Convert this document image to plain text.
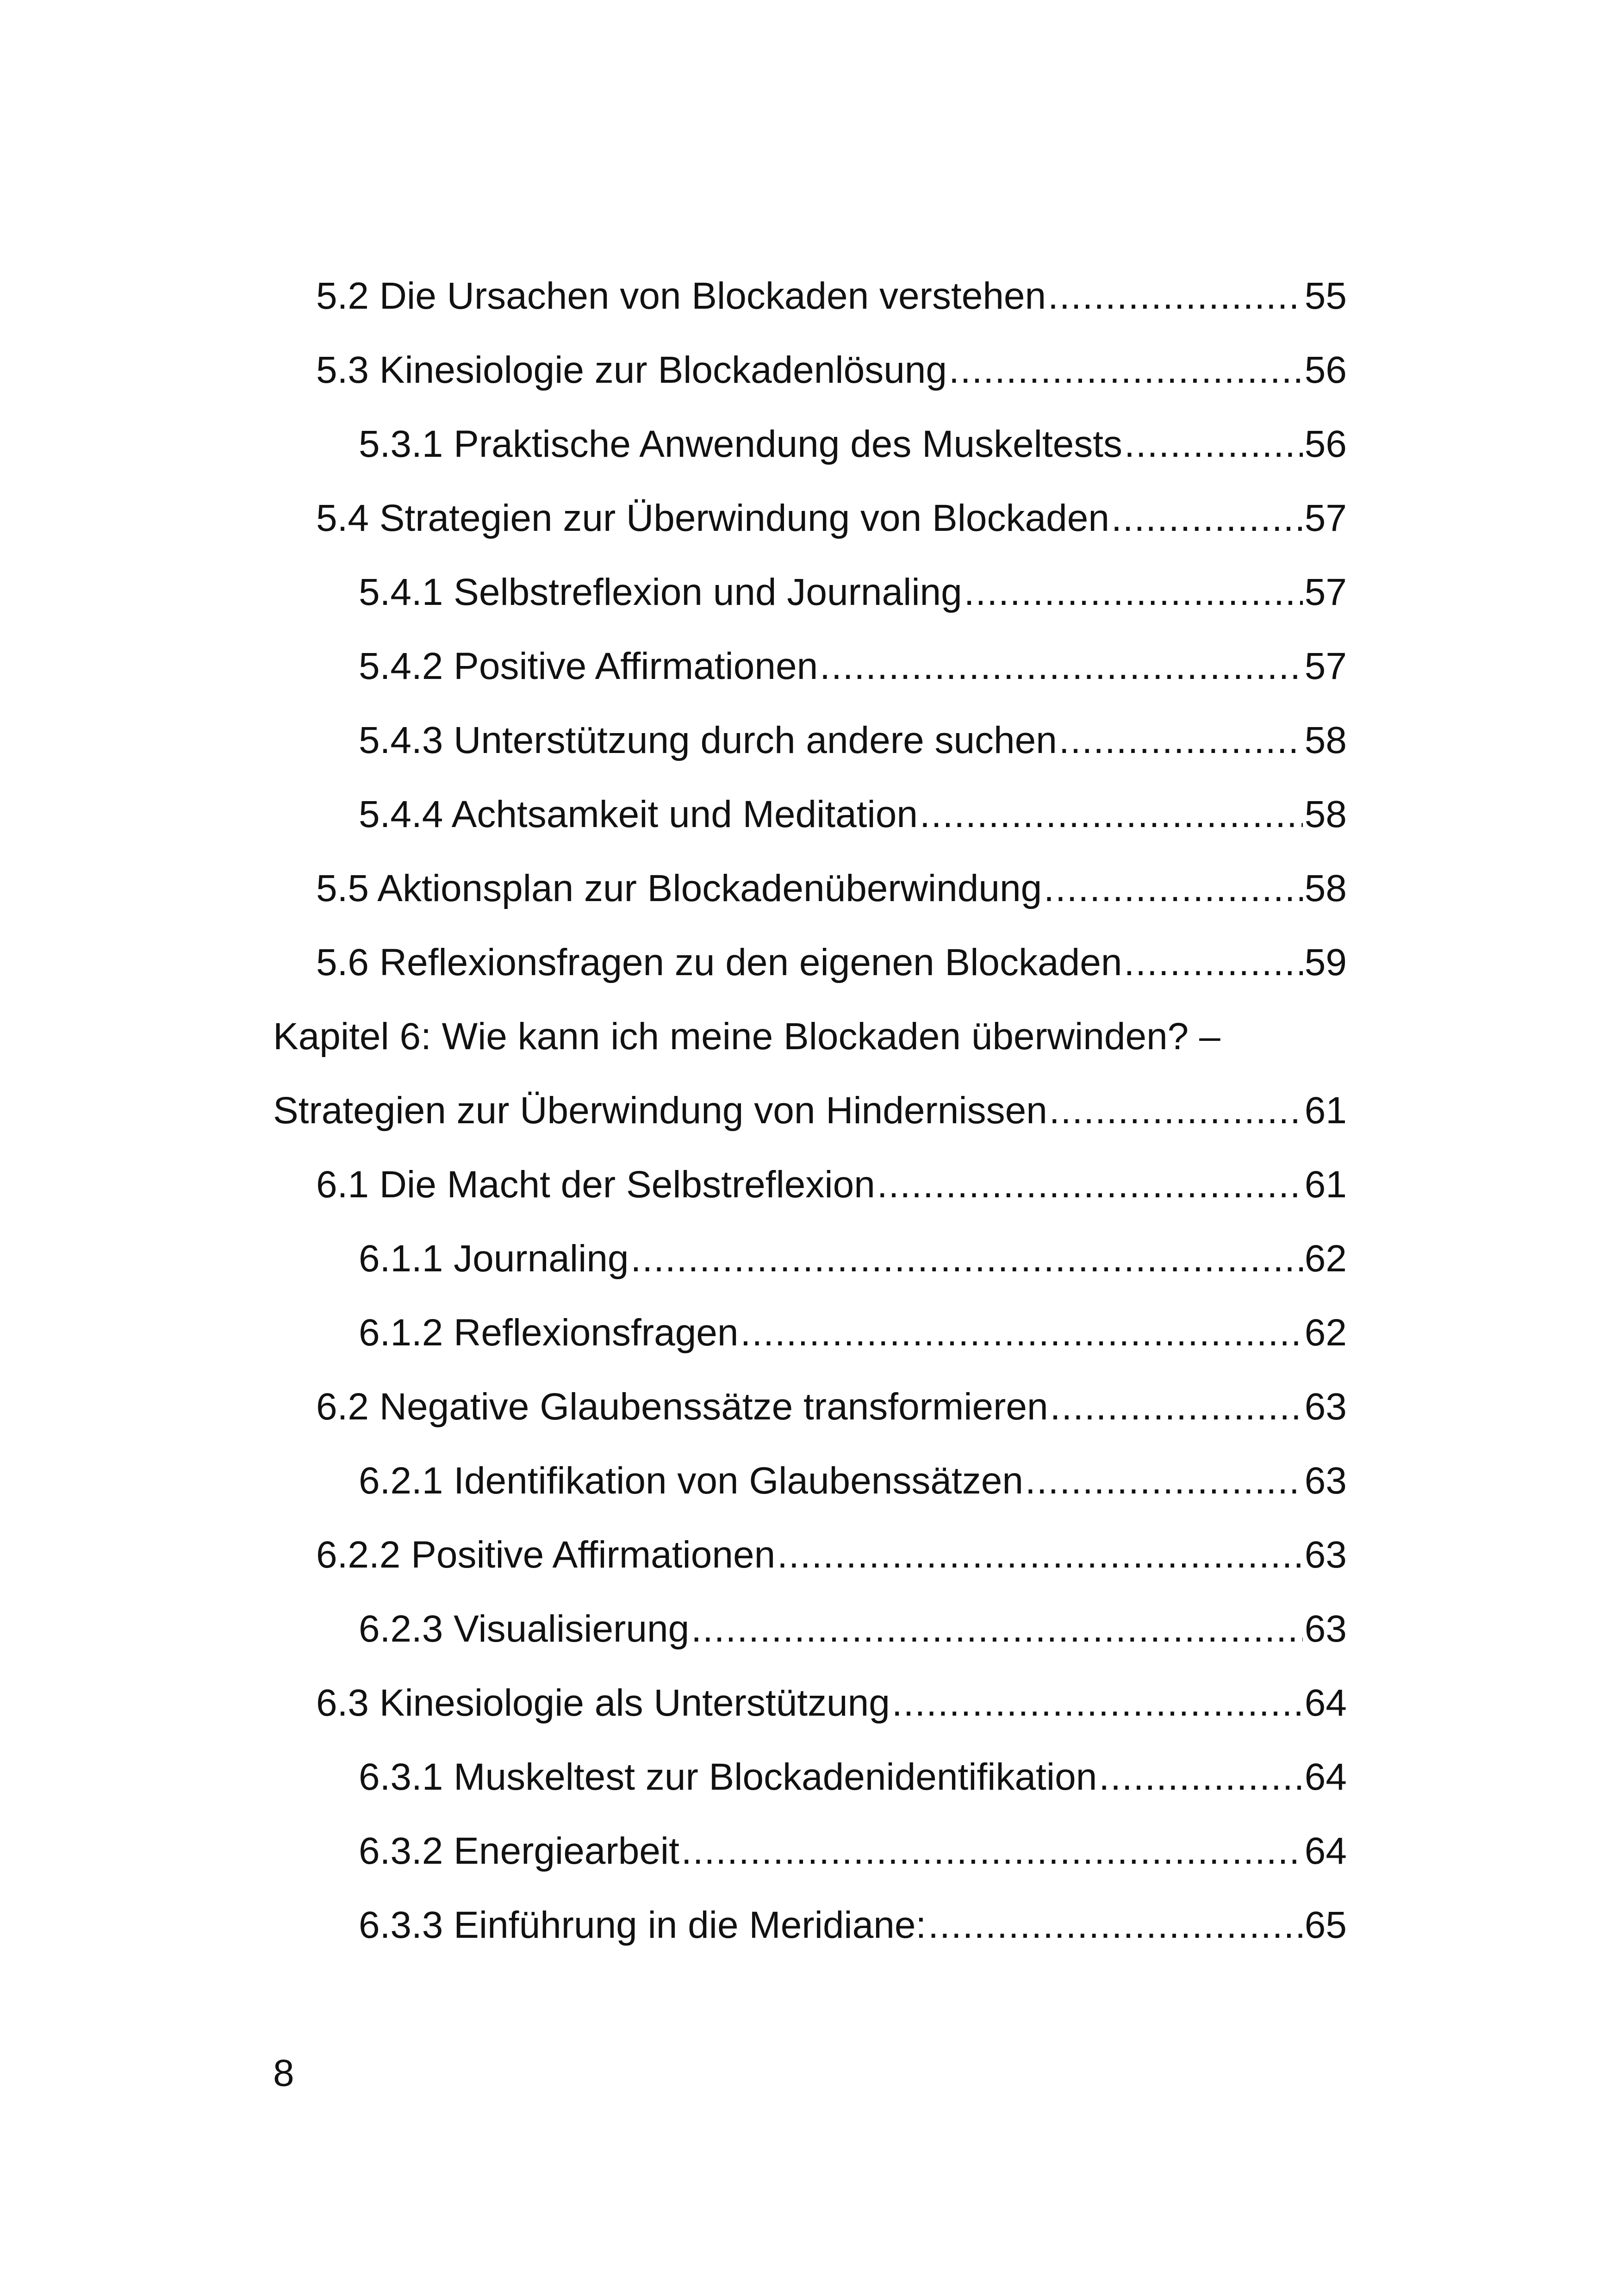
5.2 Die Ursachen von Blockaden verstehen .....	55
5.3 Kinesiologie zur Blockadenlösung .....	56
5.3.1 Praktische Anwendung des Muskeltests .....	56
5.4 Strategien zur Überwindung von Blockaden .....	57
5.4.1 Selbstreflexion und Journaling .....	57
5.4.2 Positive Affirmationen .....	57
5.4.3 Unterstützung durch andere suchen .....	58
5.4.4 Achtsamkeit und Meditation .....	58
5.5 Aktionsplan zur Blockadenüberwindung .....	58
5.6 Reflexionsfragen zu den eigenen Blockaden .....	59
Kapitel 6: Wie kann ich meine Blockaden überwinden? –
Strategien zur Überwindung von Hindernissen .....	61
6.1 Die Macht der Selbstreflexion .....	61
6.1.1 Journaling .....	62
6.1.2 Reflexionsfragen .....	62
6.2 Negative Glaubenssätze transformieren .....	63
6.2.1 Identifikation von Glaubenssätzen .....	63
6.2.2 Positive Affirmationen .....	63
6.2.3 Visualisierung .....	63
6.3 Kinesiologie als Unterstützung .....	64
6.3.1 Muskeltest zur Blockadenidentifikation .....	64
6.3.2 Energiearbeit .....	64
6.3.3 Einführung in die Meridiane: .....	65
8
